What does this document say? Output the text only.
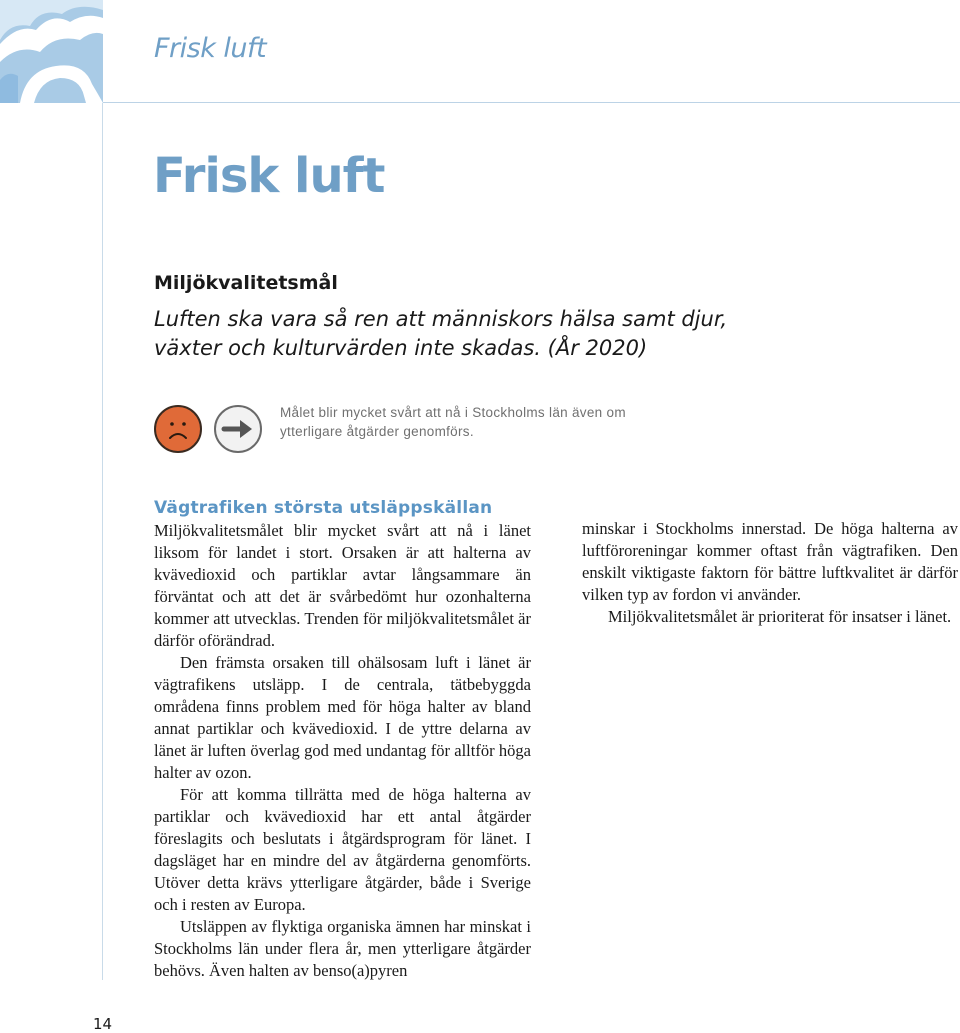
Frisk luft
Frisk luft
Miljökvalitetsmål
Luften ska vara så ren att människors hälsa samt djur, växter och kulturvärden inte skadas. (År 2020)
Målet blir mycket svårt att nå i Stockholms län även om ytterligare åtgärder genomförs.
Vägtrafiken största utsläppskällan

Miljökvalitetsmålet blir mycket svårt att nå i länet liksom för landet i stort. Orsaken är att halterna av kvävedioxid och partiklar avtar långsammare än förväntat och att det är svårbedömt hur ozonhalterna kommer att utvecklas. Trenden för miljökvalitetsmålet är därför oförändrad.

Den främsta orsaken till ohälsosam luft i länet är vägtrafikens utsläpp. I de centrala, tätbebyggda områdena finns problem med för höga halter av bland annat partiklar och kvävedioxid. I de yttre delarna av länet är luften överlag god med undantag för alltför höga halter av ozon.

För att komma tillrätta med de höga halterna av partiklar och kvävedioxid har ett antal åtgärder föreslagits och beslutats i åtgärdsprogram för länet. I dagsläget har en mindre del av åtgärderna genomförts. Utöver detta krävs ytterligare åtgärder, både i Sverige och i resten av Europa.

Utsläppen av flyktiga organiska ämnen har minskat i Stockholms län under flera år, men ytterligare åtgärder behövs. Även halten av benso(a)pyren

minskar i Stockholms innerstad. De höga halterna av luftföroreningar kommer oftast från vägtrafiken. Den enskilt viktigaste faktorn för bättre luftkvalitet är därför vilken typ av fordon vi använder.

Miljökvalitetsmålet är prioriterat för insatser i länet.

14
